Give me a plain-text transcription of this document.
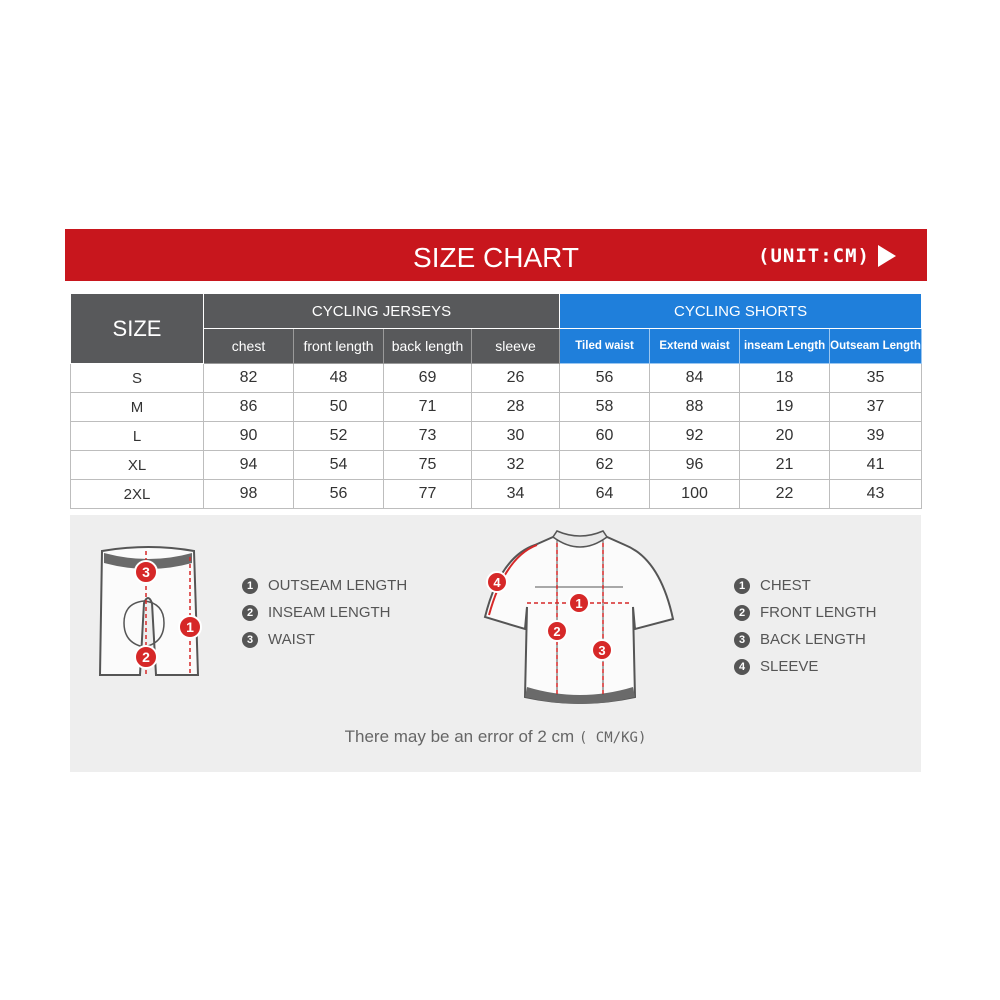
SIZE CHART	(UNIT:CM)
SIZE	CYCLING JERSEYS				CYCLING SHORTS			
	chest	front length	back length	sleeve	Tiled waist	Extend waist	inseam Length	Outseam Length
S	82	48	69	26	56	84	18	35
M	86	50	71	28	58	88	19	37
L	90	52	73	30	60	92	20	39
XL	94	54	75	32	62	96	21	41
2XL	98	56	77	34	64	100	22	43
3
1
2
1 OUTSEAM LENGTH
2 INSEAM LENGTH
3 WAIST
4
1
2
3
1 CHEST
2 FRONT LENGTH
3 BACK LENGTH
4 SLEEVE
There may be an error of 2 cm ( CM/KG)
